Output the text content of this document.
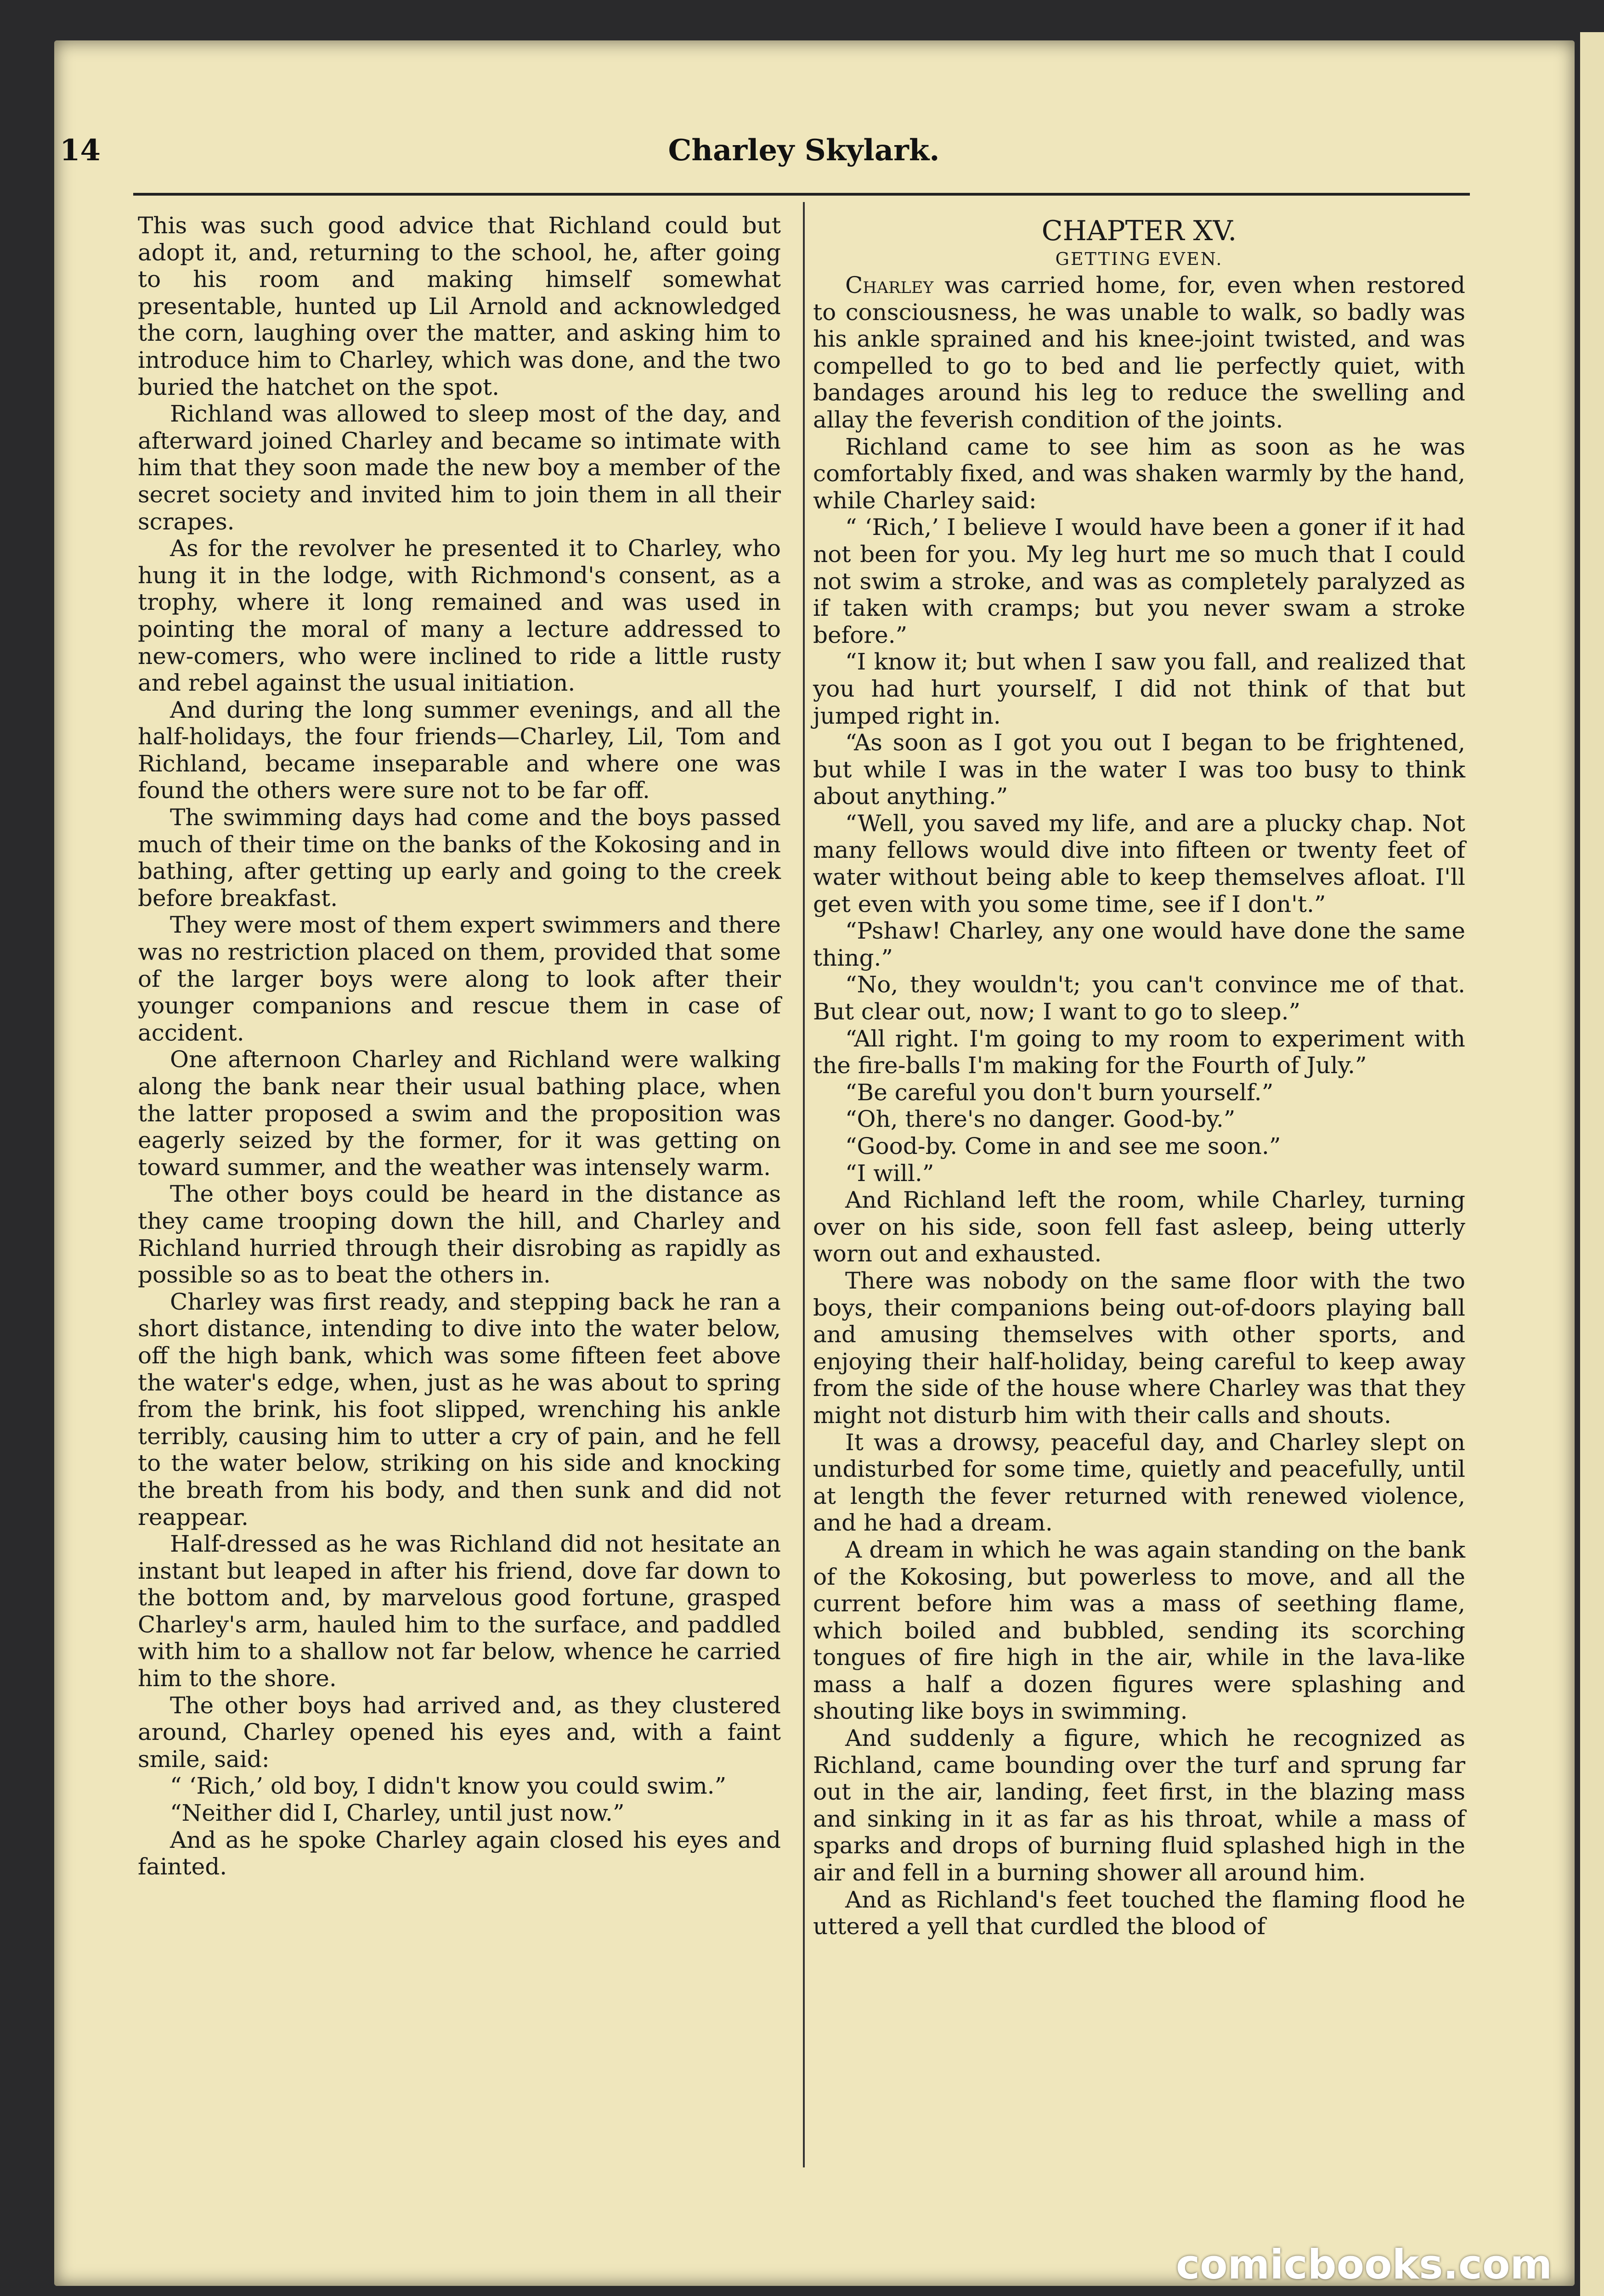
14	Charley Skylark.

This was such good advice that Richland could but adopt it, and, returning to the school, he, after going to his room and making himself somewhat presentable, hunted up Lil Arnold and acknowledged the corn, laughing over the matter, and asking him to introduce him to Charley, which was done, and the two buried the hatchet on the spot.

Richland was allowed to sleep most of the day, and afterward joined Charley and became so intimate with him that they soon made the new boy a member of the secret society and invited him to join them in all their scrapes.

As for the revolver he presented it to Charley, who hung it in the lodge, with Richmond's consent, as a trophy, where it long remained and was used in pointing the moral of many a lecture addressed to new-comers, who were inclined to ride a little rusty and rebel against the usual initiation.

And during the long summer evenings, and all the half-holidays, the four friends—Charley, Lil, Tom and Richland, became inseparable and where one was found the others were sure not to be far off.

The swimming days had come and the boys passed much of their time on the banks of the Kokosing and in bathing, after getting up early and going to the creek before breakfast.

They were most of them expert swimmers and there was no restriction placed on them, provided that some of the larger boys were along to look after their younger companions and rescue them in case of accident.

One afternoon Charley and Richland were walking along the bank near their usual bathing place, when the latter proposed a swim and the proposition was eagerly seized by the former, for it was getting on toward summer, and the weather was intensely warm.

The other boys could be heard in the distance as they came trooping down the hill, and Charley and Richland hurried through their disrobing as rapidly as possible so as to beat the others in.

Charley was first ready, and stepping back he ran a short distance, intending to dive into the water below, off the high bank, which was some fifteen feet above the water's edge, when, just as he was about to spring from the brink, his foot slipped, wrenching his ankle terribly, causing him to utter a cry of pain, and he fell to the water below, striking on his side and knocking the breath from his body, and then sunk and did not reappear.

Half-dressed as he was Richland did not hesitate an instant but leaped in after his friend, dove far down to the bottom and, by marvelous good fortune, grasped Charley's arm, hauled him to the surface, and paddled with him to a shallow not far below, whence he carried him to the shore.

The other boys had arrived and, as they clustered around, Charley opened his eyes and, with a faint smile, said:

“ ‘Rich,’ old boy, I didn't know you could swim.”

“Neither did I, Charley, until just now.”

And as he spoke Charley again closed his eyes and fainted.

CHAPTER XV.
GETTING EVEN.

Charley was carried home, for, even when restored to consciousness, he was unable to walk, so badly was his ankle sprained and his knee-joint twisted, and was compelled to go to bed and lie perfectly quiet, with bandages around his leg to reduce the swelling and allay the feverish condition of the joints.

Richland came to see him as soon as he was comfortably fixed, and was shaken warmly by the hand, while Charley said:

“ ‘Rich,’ I believe I would have been a goner if it had not been for you. My leg hurt me so much that I could not swim a stroke, and was as completely paralyzed as if taken with cramps; but you never swam a stroke before.”

“I know it; but when I saw you fall, and realized that you had hurt yourself, I did not think of that but jumped right in.

“As soon as I got you out I began to be frightened, but while I was in the water I was too busy to think about anything.”

“Well, you saved my life, and are a plucky chap. Not many fellows would dive into fifteen or twenty feet of water without being able to keep themselves afloat. I'll get even with you some time, see if I don't.”

“Pshaw! Charley, any one would have done the same thing.”

“No, they wouldn't; you can't convince me of that. But clear out, now; I want to go to sleep.”

“All right. I'm going to my room to experiment with the fire-balls I'm making for the Fourth of July.”

“Be careful you don't burn yourself.”

“Oh, there's no danger. Good-by.”

“Good-by. Come in and see me soon.”

“I will.”

And Richland left the room, while Charley, turning over on his side, soon fell fast asleep, being utterly worn out and exhausted.

There was nobody on the same floor with the two boys, their companions being out-of-doors playing ball and amusing themselves with other sports, and enjoying their half-holiday, being careful to keep away from the side of the house where Charley was that they might not disturb him with their calls and shouts.

It was a drowsy, peaceful day, and Charley slept on undisturbed for some time, quietly and peacefully, until at length the fever returned with renewed violence, and he had a dream.

A dream in which he was again standing on the bank of the Kokosing, but powerless to move, and all the current before him was a mass of seething flame, which boiled and bubbled, sending its scorching tongues of fire high in the air, while in the lava-like mass a half a dozen figures were splashing and shouting like boys in swimming.

And suddenly a figure, which he recognized as Richland, came bounding over the turf and sprung far out in the air, landing, feet first, in the blazing mass and sinking in it as far as his throat, while a mass of sparks and drops of burning fluid splashed high in the air and fell in a burning shower all around him.

And as Richland's feet touched the flaming flood he uttered a yell that curdled the blood of

comicbooks.com
